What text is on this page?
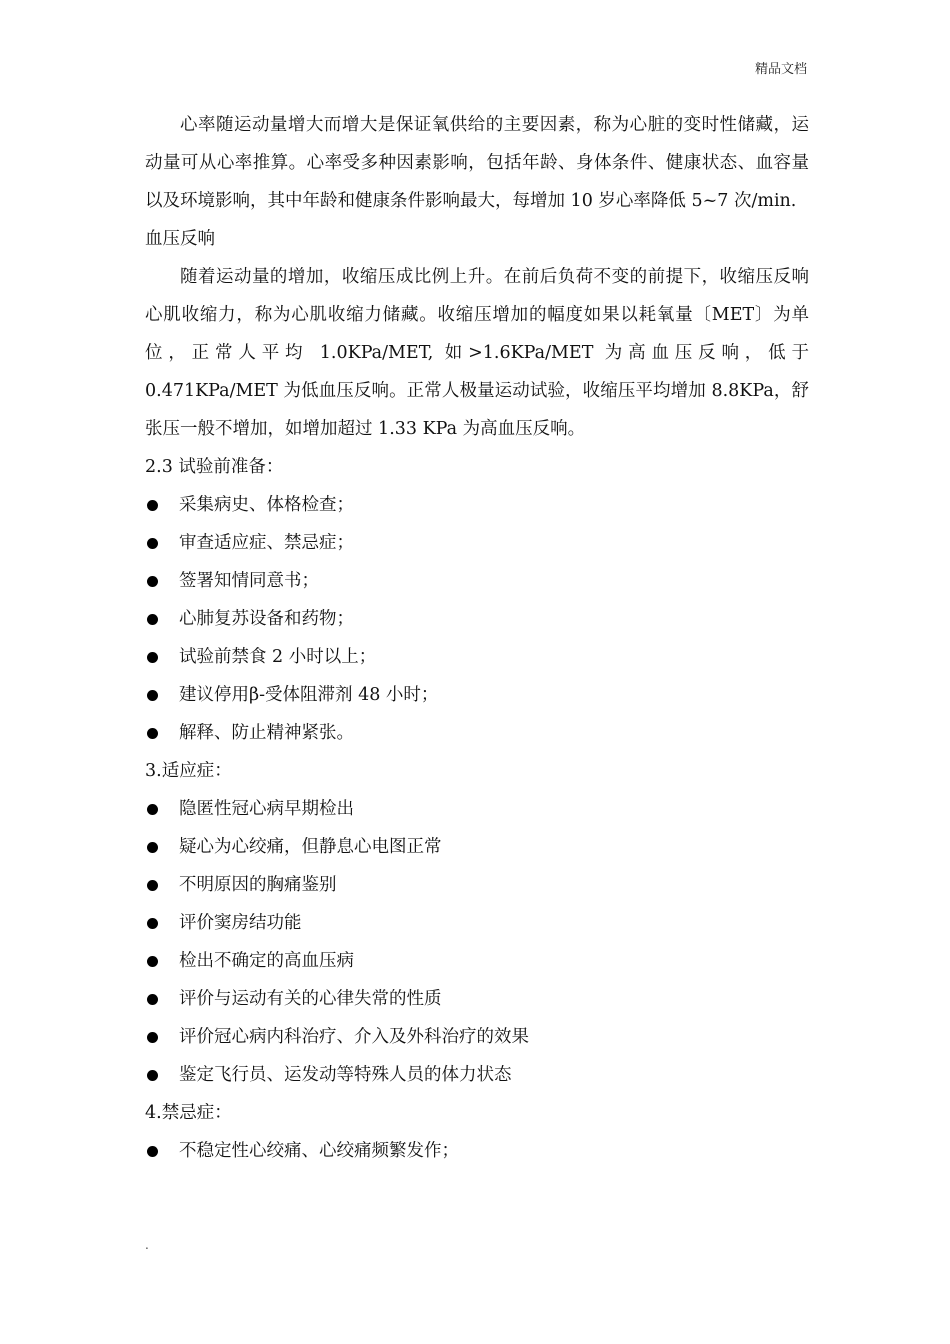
精品文档

心率随运动量增大而增大是保证氧供给的主要因素，称为心脏的变时性储藏，运动量可从心率推算。心率受多种因素影响，包括年龄、身体条件、健康状态、血容量以及环境影响，其中年龄和健康条件影响最大，每增加 10 岁心率降低 5~7 次/min.

血压反响

随着运动量的增加，收缩压成比例上升。在前后负荷不变的前提下，收缩压反响心肌收缩力，称为心肌收缩力储藏。收缩压增加的幅度如果以耗氧量〔MET〕为单位，正常人平均 1.0KPa/MET, 如>1.6KPa/MET 为高血压反响，低于 0.471KPa/MET 为低血压反响。正常人极量运动试验，收缩压平均增加 8.8KPa，舒张压一般不增加，如增加超过 1.33 KPa 为高血压反响。

2.3 试验前准备：

采集病史、体格检查；
审查适应症、禁忌症；
签署知情同意书；
心肺复苏设备和药物；
试验前禁食 2 小时以上；
建议停用β-受体阻滞剂 48 小时；
解释、防止精神紧张。

3.适应症：

隐匿性冠心病早期检出
疑心为心绞痛，但静息心电图正常
不明原因的胸痛鉴别
评价窦房结功能
检出不确定的高血压病
评价与运动有关的心律失常的性质
评价冠心病内科治疗、介入及外科治疗的效果
鉴定飞行员、运发动等特殊人员的体力状态

4.禁忌症：

不稳定性心绞痛、心绞痛频繁发作；
.
